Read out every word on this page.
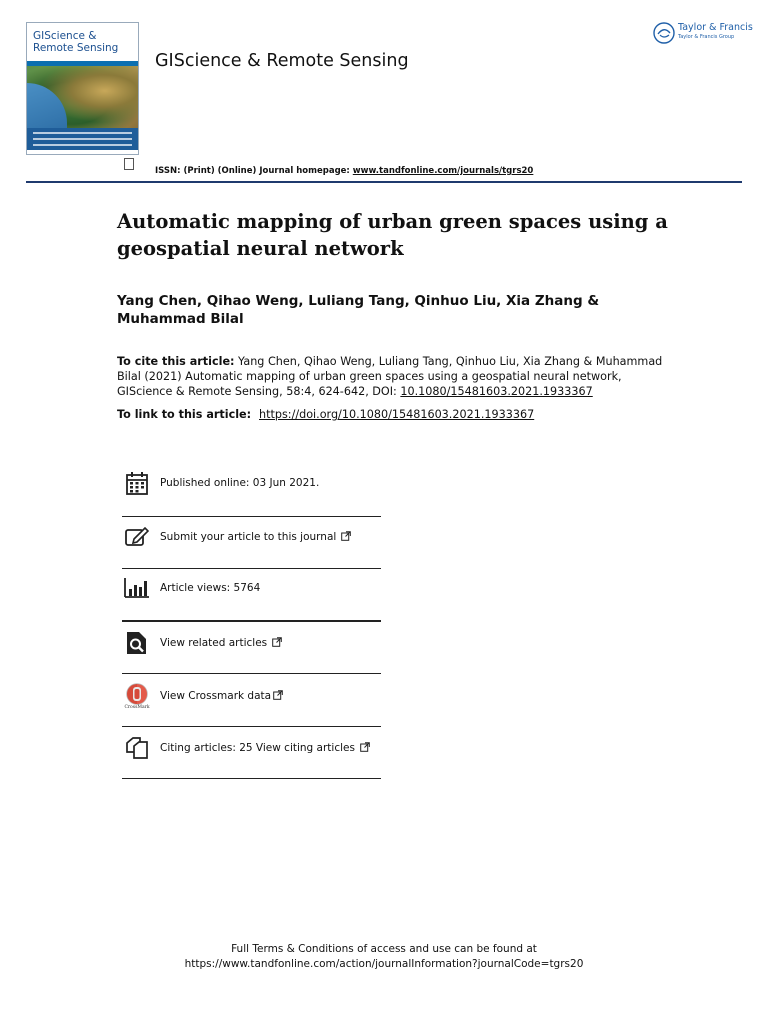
GIScience &
Remote Sensing
GIScience & Remote Sensing
Taylor & Francis
Taylor & Francis Group
ISSN: (Print) (Online) Journal homepage: www.tandfonline.com/journals/tgrs20
Automatic mapping of urban green spaces using a geospatial neural network
Yang Chen, Qihao Weng, Luliang Tang, Qinhuo Liu, Xia Zhang & Muhammad Bilal
To cite this article: Yang Chen, Qihao Weng, Luliang Tang, Qinhuo Liu, Xia Zhang & Muhammad Bilal (2021) Automatic mapping of urban green spaces using a geospatial neural network, GIScience & Remote Sensing, 58:4, 624-642, DOI: 10.1080/15481603.2021.1933367
To link to this article: https://doi.org/10.1080/15481603.2021.1933367
Published online: 03 Jun 2021.
Submit your article to this journal
Article views: 5764
View related articles
CrossMark
View Crossmark data
Citing articles: 25 View citing articles
Full Terms & Conditions of access and use can be found at
https://www.tandfonline.com/action/journalInformation?journalCode=tgrs20
